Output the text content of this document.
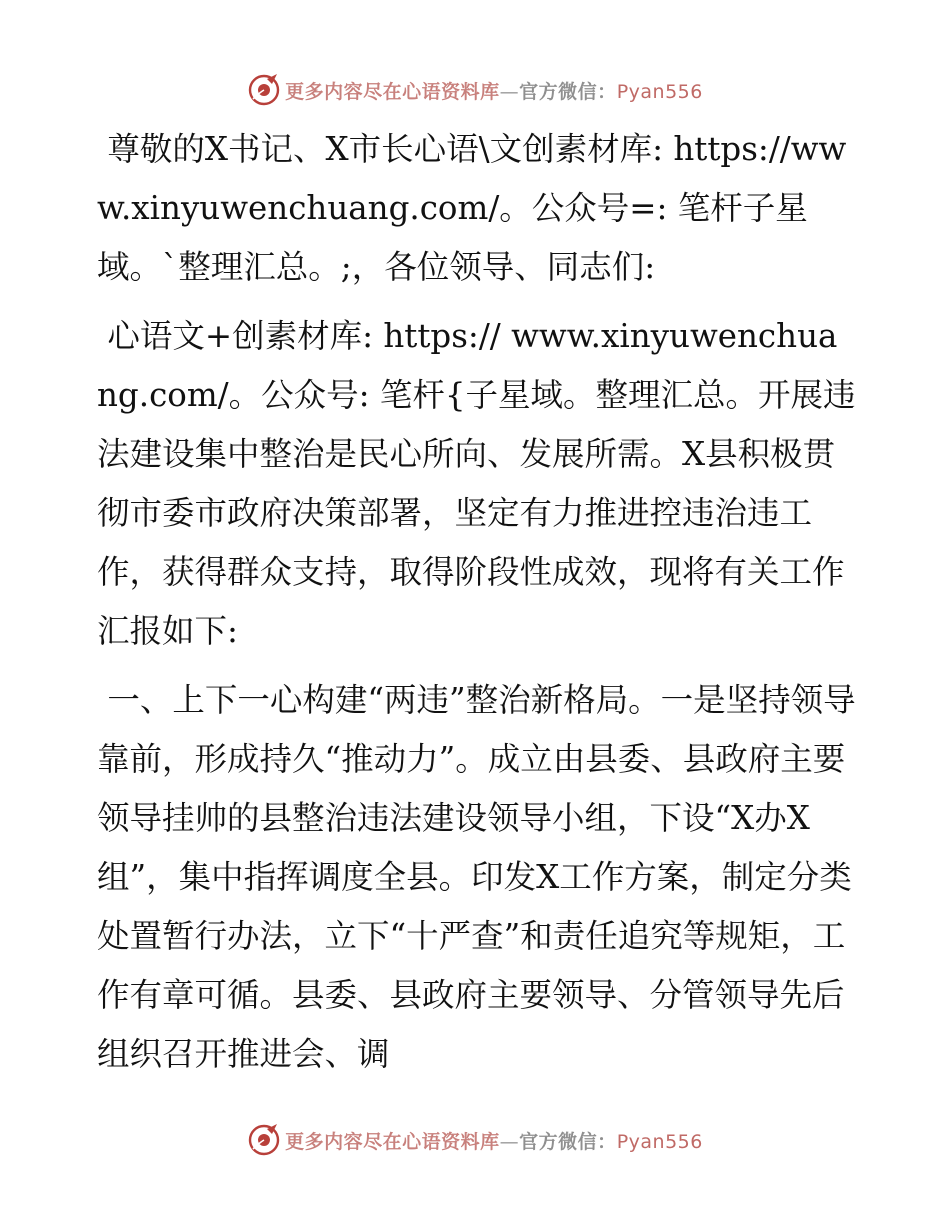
更多内容尽在心语资料库—官方微信：Pyan556

尊敬的X书记、X市长心语\文创素材库: https://www.xinyuwenchuang.com/。公众号=: 笔杆子星域。`整理汇总。;，各位领导、同志们:

心语文+创素材库: https:// www.xinyuwenchuang.com/。公众号: 笔杆{子星域。整理汇总。开展违法建设集中整治是民心所向、发展所需。X县积极贯彻市委市政府决策部署，坚定有力推进控违治违工作，获得群众支持，取得阶段性成效，现将有关工作汇报如下:

一、上下一心构建“两违”整治新格局。一是坚持领导靠前，形成持久“推动力”。成立由县委、县政府主要领导挂帅的县整治违法建设领导小组，下设“X办X组”，集中指挥调度全县。印发X工作方案，制定分类处置暂行办法，立下“十严查”和责任追究等规矩，工作有章可循。县委、县政府主要领导、分管领导先后组织召开推进会、调

更多内容尽在心语资料库—官方微信：Pyan556
